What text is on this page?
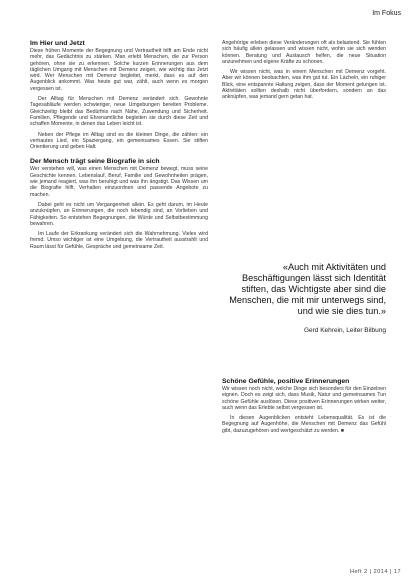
Im Fokus

Im Hier und Jetzt

Diese frühen Momente der Begegnung und Vertrautheit hilft am Ende nicht mehr, das Gedächtnis zu stärken. Man erlebt Menschen, die zur Person gehören, ohne sie zu erkennen. Solche kurzen Erinnerungen aus dem täglichen Umgang mit Menschen mit Demenz zeigen, wie wichtig das Jetzt wird. Wer Menschen mit Demenz begleitet, merkt, dass es auf den Augenblick ankommt. Was heute gut war, zählt, auch wenn es morgen vergessen ist.

Der Alltag für Menschen mit Demenz verändert sich. Gewohnte Tagesabläufe werden schwieriger, neue Umgebungen bereiten Probleme. Gleichzeitig bleibt das Bedürfnis nach Nähe, Zuwendung und Sicherheit. Familien, Pflegende und Ehrenamtliche begleiten sie durch diese Zeit und schaffen Momente, in denen das Leben leicht ist.

Neben der Pflege im Alltag sind es die kleinen Dinge, die zählen: ein vertrautes Lied, ein Spaziergang, ein gemeinsames Essen. Sie stiften Orientierung und geben Halt.

Der Mensch trägt seine Biografie in sich

Wer verstehen will, was einen Menschen mit Demenz bewegt, muss seine Geschichte kennen. Lebenslauf, Beruf, Familie und Gewohnheiten prägen, wie jemand reagiert, was ihn beruhigt und was ihn ängstigt. Das Wissen um die Biografie hilft, Verhalten einzuordnen und passende Angebote zu machen.

Dabei geht es nicht um Vergangenheit allein. Es geht darum, im Heute anzuknüpfen, an Erinnerungen, die noch lebendig sind, an Vorlieben und Fähigkeiten. So entstehen Begegnungen, die Würde und Selbstbestimmung bewahren.

Im Laufe der Erkrankung verändert sich die Wahrnehmung. Vieles wird fremd. Umso wichtiger ist eine Umgebung, die Vertrautheit ausstrahlt und Raum lässt für Gefühle, Gespräche und gemeinsame Zeit.

Angehörige erleben diese Veränderungen oft als belastend. Sie fühlen sich häufig allein gelassen und wissen nicht, wohin sie sich wenden können. Beratung und Austausch helfen, die neue Situation anzunehmen und eigene Kräfte zu schonen.

Wir wissen nicht, was in einem Menschen mit Demenz vorgeht. Aber wir können beobachten, was ihm gut tut. Ein Lächeln, ein ruhiger Blick, eine entspannte Haltung zeigen, dass der Moment gelungen ist. Aktivitäten sollten deshalb nicht überfordern, sondern an das anknüpfen, was jemand gern getan hat.

«Auch mit Aktivitäten und Beschäftigungen lässt sich Identität stiften, das Wichtigste aber sind die Menschen, die mit mir unterwegs sind, und wie sie dies tun.»

Gerd Kehrein, Leiter Bilbung

Schöne Gefühle, positive Erinnerungen

Wir wissen noch nicht, welche Dinge sich besonders für den Einzelnen eignen. Doch es zeigt sich, dass Musik, Natur und gemeinsames Tun schöne Gefühle auslösen. Diese positiven Erinnerungen wirken weiter, auch wenn das Erlebte selbst vergessen ist.

In diesen Augenblicken entsteht Lebensqualität. Es ist die Begegnung auf Augenhöhe, die Menschen mit Demenz das Gefühl gibt, dazuzugehören und wertgeschätzt zu werden. ■

Heft 2 | 2014 | 17
